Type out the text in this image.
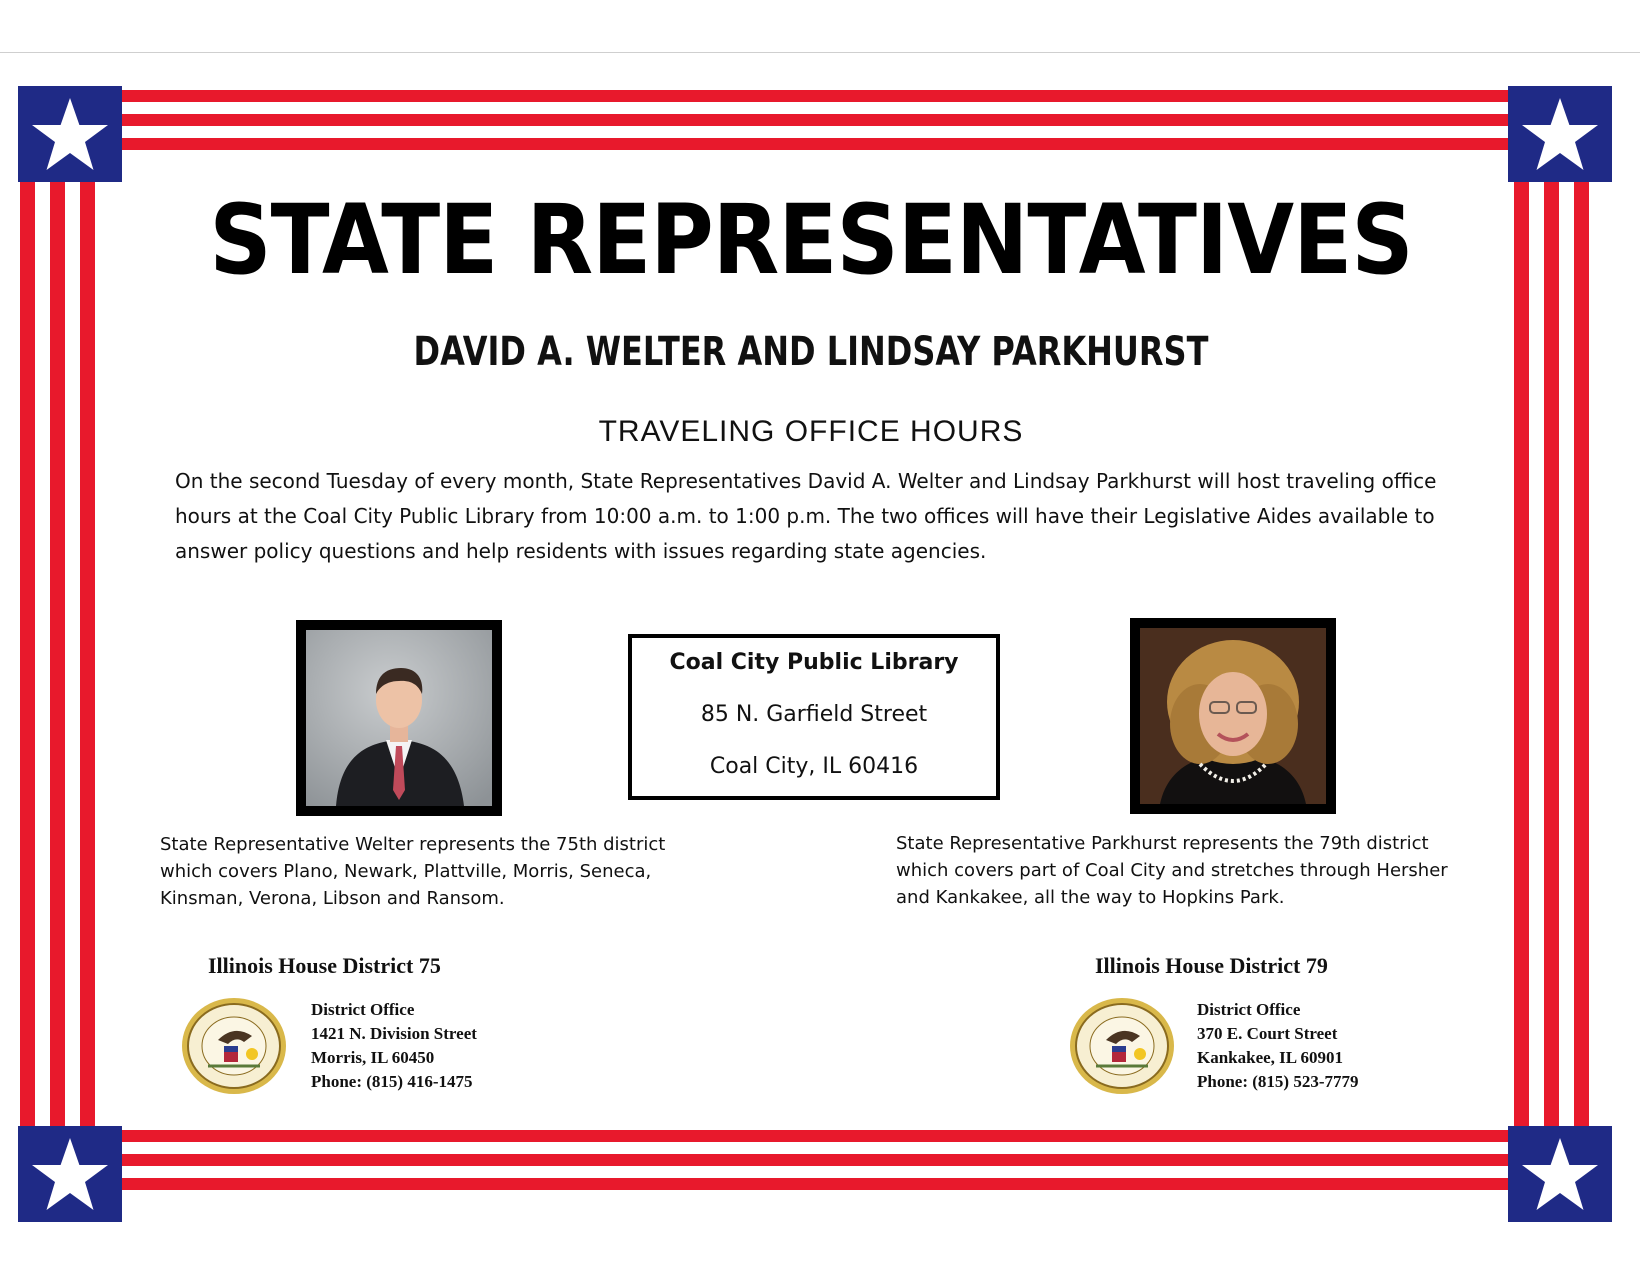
STATE REPRESENTATIVES
DAVID A. WELTER AND LINDSAY PARKHURST
TRAVELING OFFICE HOURS
On the second Tuesday of every month, State Representatives David A. Welter and Lindsay Parkhurst will host traveling office hours at the Coal City Public Library from 10:00 a.m. to 1:00 p.m. The two offices will have their Legislative Aides available to answer policy questions and help residents with issues regarding state agencies.
Coal City Public Library
85 N. Garfield Street
Coal City, IL 60416
State Representative Welter represents the 75th district which covers Plano, Newark, Plattville, Morris, Seneca, Kinsman, Verona, Libson and Ransom.
State Representative Parkhurst represents the 79th district which covers part of Coal City and stretches through Hersher and Kankakee, all the way to Hopkins Park.
Illinois House District 75
District Office
1421 N. Division Street
Morris, IL 60450
Phone: (815) 416-1475
Illinois House District 79
District Office
370 E. Court Street
Kankakee, IL 60901
Phone: (815) 523-7779
